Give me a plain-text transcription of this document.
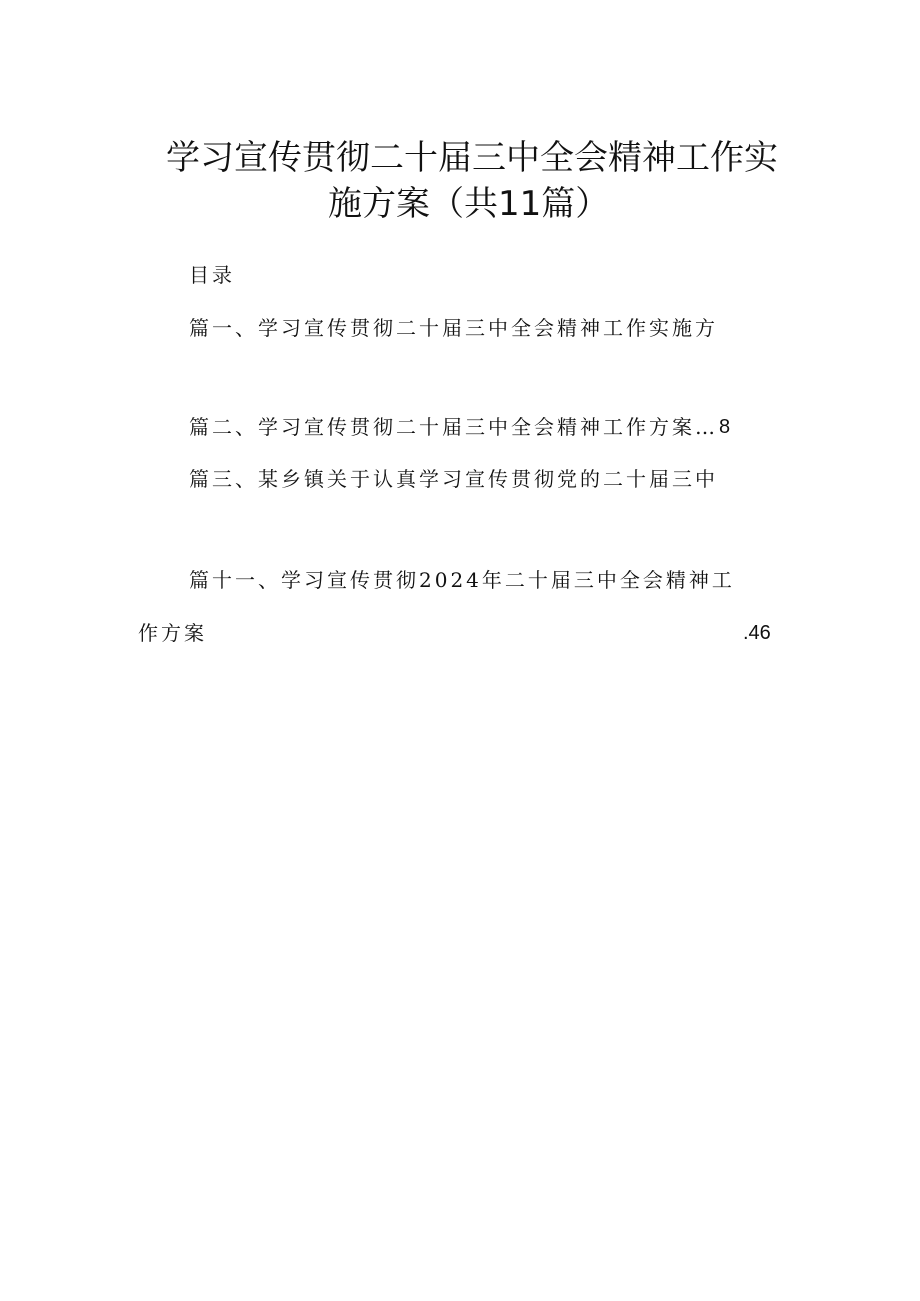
学习宣传贯彻二十届三中全会精神工作实
施方案（共11篇）
目录
篇一、学习宣传贯彻二十届三中全会精神工作实施方
篇二、学习宣传贯彻二十届三中全会精神工作方案… 8
篇三、某乡镇关于认真学习宣传贯彻党的二十届三中
篇十一、学习宣传贯彻2024年二十届三中全会精神工
作方案	.46
